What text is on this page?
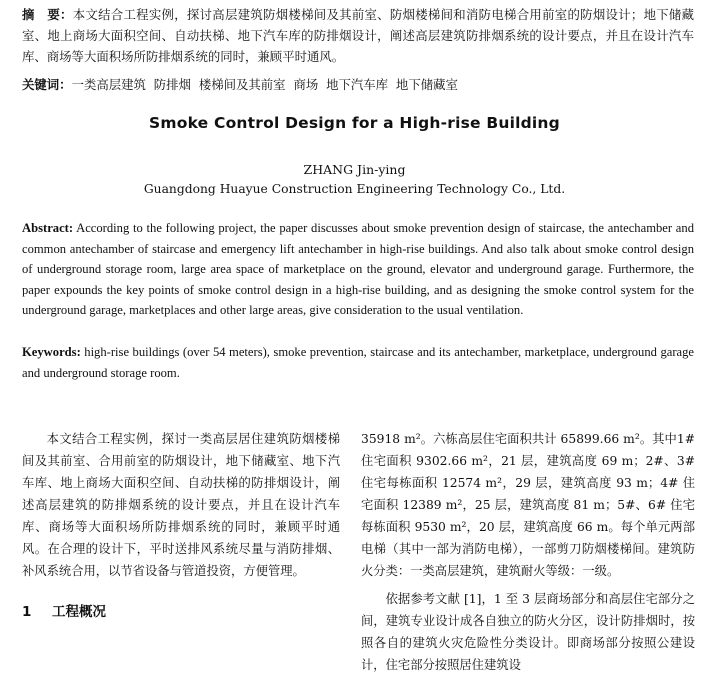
摘　要：本文结合工程实例，探讨高层建筑防烟楼梯间及其前室、防烟楼梯间和消防电梯合用前室的防烟设计；地下储藏室、地上商场大面积空间、自动扶梯、地下汽车库的防排烟设计，阐述高层建筑防排烟系统的设计要点，并且在设计汽车库、商场等大面积场所防排烟系统的同时，兼顾平时通风。
关键词：一类高层建筑  防排烟  楼梯间及其前室  商场  地下汽车库  地下储藏室
Smoke Control Design for a High-rise Building
ZHANG Jin-ying
Guangdong Huayue Construction Engineering Technology Co., Ltd.
Abstract: According to the following project, the paper discusses about smoke prevention design of staircase, the antechamber and common antechamber of staircase and emergency lift antechamber in high-rise buildings. And also talk about smoke control design of underground storage room, large area space of marketplace on the ground, elevator and underground garage. Furthermore, the paper expounds the key points of smoke control design in a high-rise building, and as designing the smoke control system for the underground garage, marketplaces and other large areas, give consideration to the usual ventilation.
Keywords: high-rise buildings (over 54 meters), smoke prevention, staircase and its antechamber, marketplace, underground garage and underground storage room.

本文结合工程实例，探讨一类高层居住建筑防烟楼梯间及其前室、合用前室的防烟设计，地下储藏室、地下汽车库、地上商场大面积空间、自动扶梯的防排烟设计，阐述高层建筑的防排烟系统的设计要点，并且在设计汽车库、商场等大面积场所防排烟系统的同时，兼顾平时通风。在合理的设计下，平时送排风系统尽量与消防排烟、补风系统合用，以节省设备与管道投资，方便管理。

1 工程概况

35918 m²。六栋高层住宅面积共计 65899.66 m²。其中1# 住宅面积 9302.66 m²，21 层，建筑高度 69 m；2#、3# 住宅每栋面积 12574 m²，29 层，建筑高度 93 m；4# 住宅面积 12389 m²，25 层，建筑高度 81 m；5#、6# 住宅每栋面积 9530 m²，20 层，建筑高度 66 m。每个单元两部电梯（其中一部为消防电梯），一部剪刀防烟楼梯间。建筑防火分类：一类高层建筑，建筑耐火等级：一级。

依据参考文献 [1]，1 至 3 层商场部分和高层住宅部分之间，建筑专业设计成各自独立的防火分区，设计防排烟时，按照各自的建筑火灾危险性分类设计。即商场部分按照公建设计，住宅部分按照居住建筑设
